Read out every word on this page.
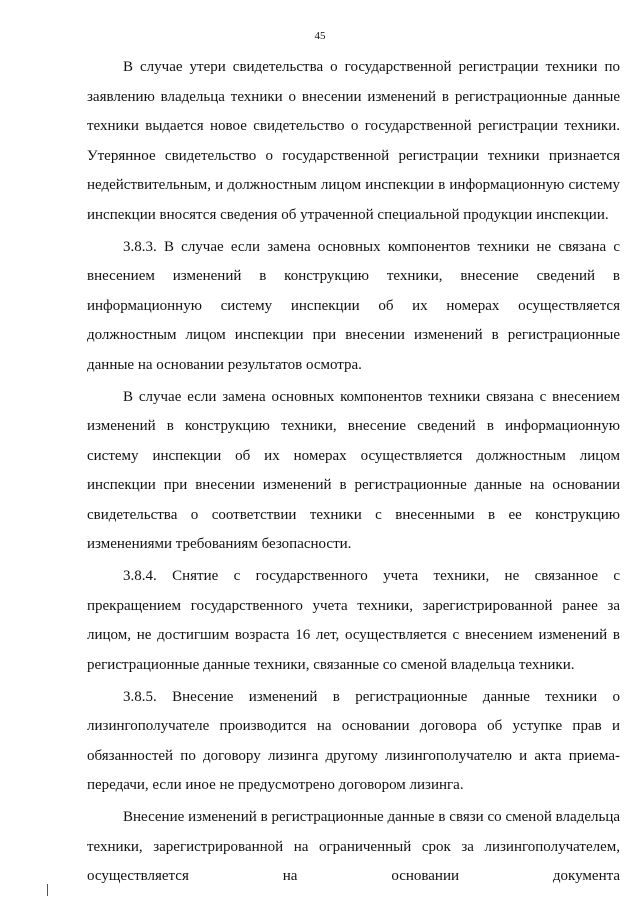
45

В случае утери свидетельства о государственной регистрации техники по заявлению владельца техники о внесении изменений в регистрационные данные техники выдается новое свидетельство о государственной регистрации техники. Утерянное свидетельство о государственной регистрации техники признается недействительным, и должностным лицом инспекции в информационную систему инспекции вносятся сведения об утраченной специальной продукции инспекции.

3.8.3. В случае если замена основных компонентов техники не связана с внесением изменений в конструкцию техники, внесение сведений в информационную систему инспекции об их номерах осуществляется должностным лицом инспекции при внесении изменений в регистрационные данные на основании результатов осмотра.

В случае если замена основных компонентов техники связана с внесением изменений в конструкцию техники, внесение сведений в информационную систему инспекции об их номерах осуществляется должностным лицом инспекции при внесении изменений в регистрационные данные на основании свидетельства о соответствии техники с внесенными в ее конструкцию изменениями требованиям безопасности.

3.8.4. Снятие с государственного учета техники, не связанное с прекращением государственного учета техники, зарегистрированной ранее за лицом, не достигшим возраста 16 лет, осуществляется с внесением изменений в регистрационные данные техники, связанные со сменой владельца техники.

3.8.5. Внесение изменений в регистрационные данные техники о лизингополучателе производится на основании договора об уступке прав и обязанностей по договору лизинга другому лизингополучателю и акта приема-передачи, если иное не предусмотрено договором лизинга.

Внесение изменений в регистрационные данные в связи со сменой владельца техники, зарегистрированной на ограниченный срок за лизингополучателем, осуществляется на основании документа
